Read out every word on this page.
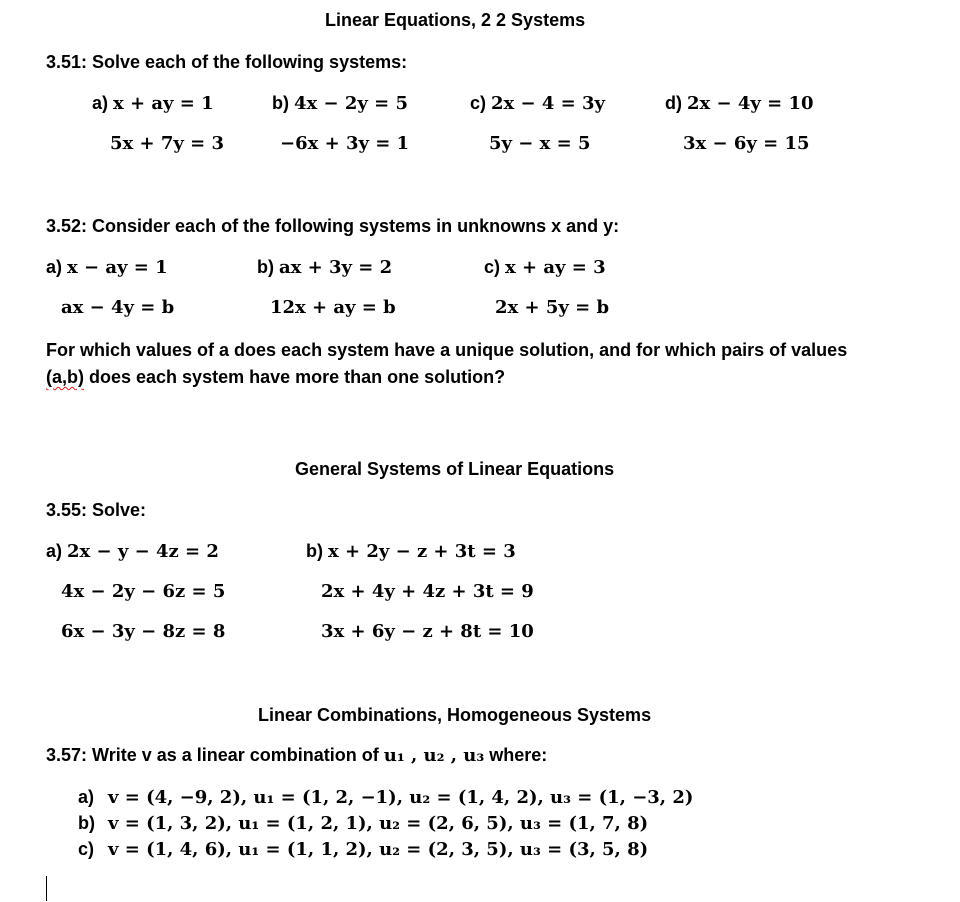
Linear Equations, 2 2 Systems
3.51: Solve each of the following systems:
a) x + ay = 1
5x + 7y = 3
b) 4x − 2y = 5
−6x + 3y = 1
c) 2x − 4 = 3y
5y − x = 5
d) 2x − 4y = 10
3x − 6y = 15
3.52: Consider each of the following systems in unknowns x and y:
a) x − ay = 1
ax − 4y = b
b) ax + 3y = 2
12x + ay = b
c) x + ay = 3
2x + 5y = b
For which values of a does each system have a unique solution, and for which pairs of values
(a,b) does each system have more than one solution?
General Systems of Linear Equations
3.55: Solve:
a) 2x − y − 4z = 2
4x − 2y − 6z = 5
6x − 3y − 8z = 8
b) x + 2y − z + 3t = 3
2x + 4y + 4z + 3t = 9
3x + 6y − z + 8t = 10
Linear Combinations, Homogeneous Systems
3.57: Write v as a linear combination of u₁ , u₂ , u₃ where:
a) v = (4, −9, 2), u₁ = (1, 2, −1), u₂ = (1, 4, 2), u₃ = (1, −3, 2)
b) v = (1, 3, 2), u₁ = (1, 2, 1), u₂ = (2, 6, 5), u₃ = (1, 7, 8)
c) v = (1, 4, 6), u₁ = (1, 1, 2), u₂ = (2, 3, 5), u₃ = (3, 5, 8)
